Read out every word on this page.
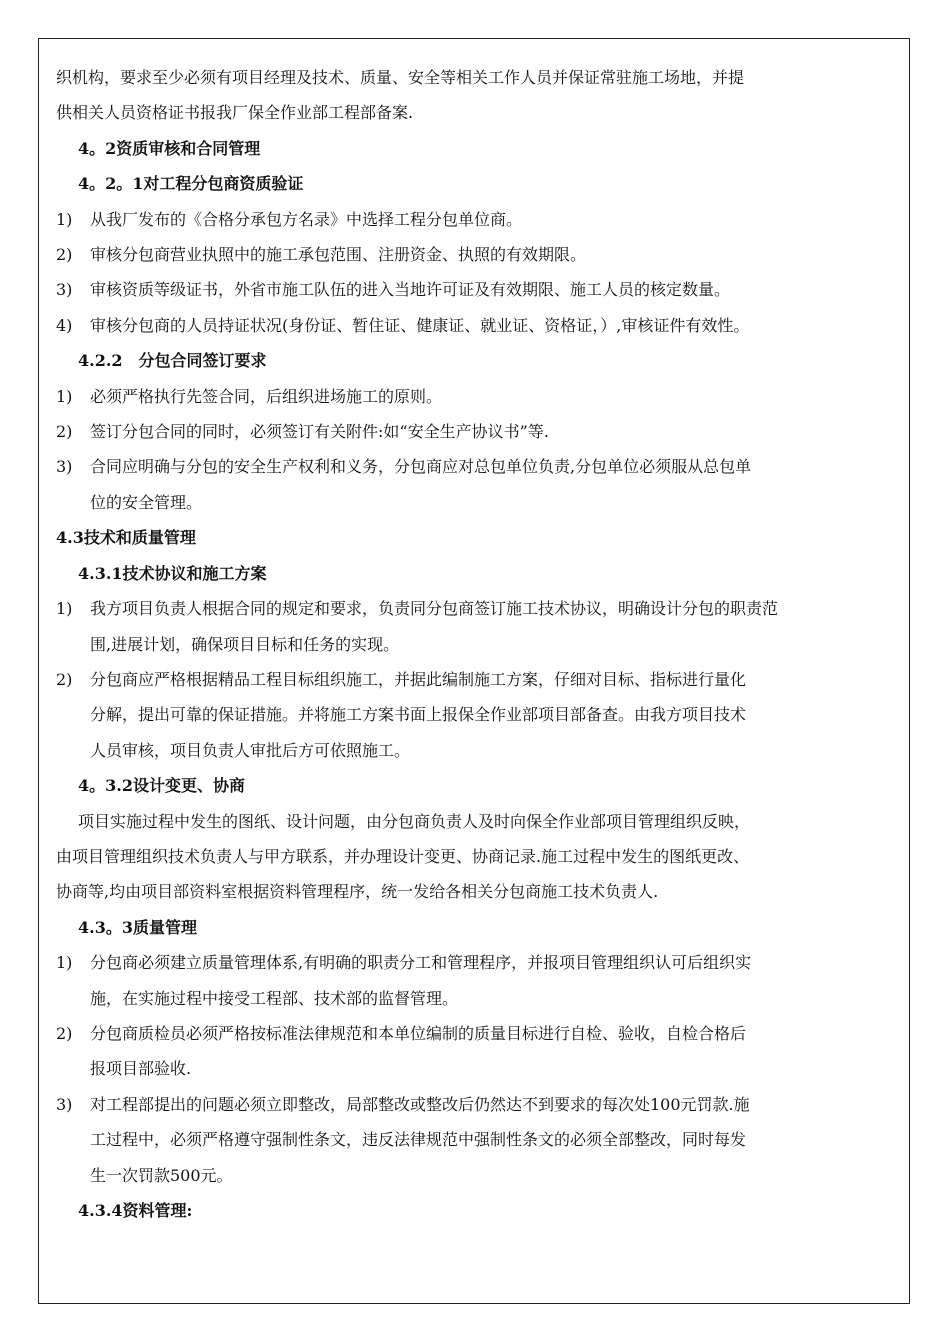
织机构，要求至少必须有项目经理及技术、质量、安全等相关工作人员并保证常驻施工场地，并提
供相关人员资格证书报我厂保全作业部工程部备案.
4。2资质审核和合同管理
4。2。1对工程分包商资质验证
1) 从我厂发布的《合格分承包方名录》中选择工程分包单位商。
2) 审核分包商营业执照中的施工承包范围、注册资金、执照的有效期限。
3) 审核资质等级证书，外省市施工队伍的进入当地许可证及有效期限、施工人员的核定数量。
4) 审核分包商的人员持证状况(身份证、暂住证、健康证、就业证、资格证，）,审核证件有效性。
4.2.2　分包合同签订要求
1) 必须严格执行先签合同，后组织进场施工的原则。
2) 签订分包合同的同时，必须签订有关附件:如“安全生产协议书”等.
3) 合同应明确与分包的安全生产权利和义务，分包商应对总包单位负责,分包单位必须服从总包单
位的安全管理。
4.3技术和质量管理
4.3.1技术协议和施工方案
1) 我方项目负责人根据合同的规定和要求，负责同分包商签订施工技术协议，明确设计分包的职责范
围,进展计划，确保项目目标和任务的实现。
2) 分包商应严格根据精品工程目标组织施工，并据此编制施工方案，仔细对目标、指标进行量化
分解，提出可靠的保证措施。并将施工方案书面上报保全作业部项目部备查。由我方项目技术
人员审核，项目负责人审批后方可依照施工。
4。3.2设计变更、协商
项目实施过程中发生的图纸、设计问题，由分包商负责人及时向保全作业部项目管理组织反映，
由项目管理组织技术负责人与甲方联系，并办理设计变更、协商记录.施工过程中发生的图纸更改、
协商等,均由项目部资料室根据资料管理程序，统一发给各相关分包商施工技术负责人.
4.3。3质量管理
1) 分包商必须建立质量管理体系,有明确的职责分工和管理程序，并报项目管理组织认可后组织实
施，在实施过程中接受工程部、技术部的监督管理。
2) 分包商质检员必须严格按标准法律规范和本单位编制的质量目标进行自检、验收，自检合格后
报项目部验收.
3) 对工程部提出的问题必须立即整改，局部整改或整改后仍然达不到要求的每次处100元罚款.施
工过程中，必须严格遵守强制性条文，违反法律规范中强制性条文的必须全部整改，同时每发
生一次罚款500元。
4.3.4资料管理:
